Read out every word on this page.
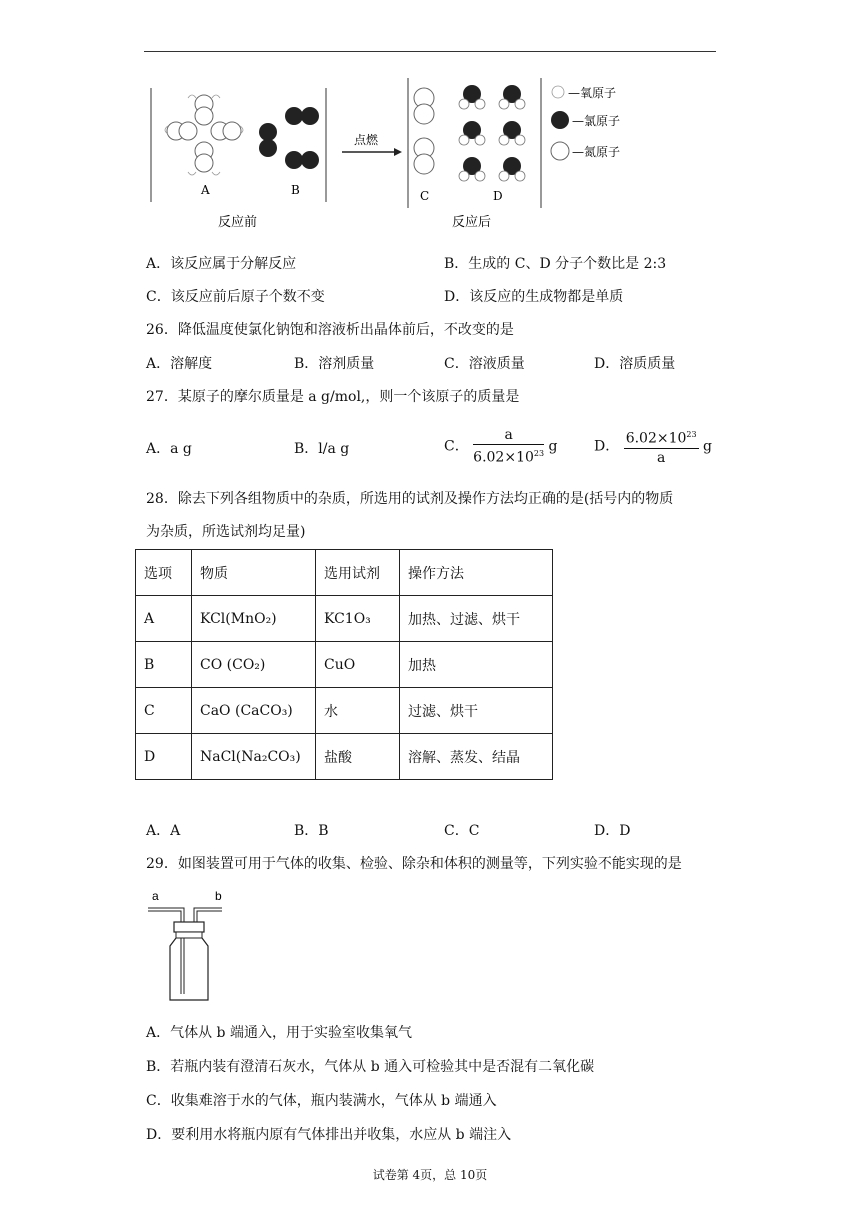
A	B
反应前
点燃
C	D
反应后
—氧原子
—氯原子
—氮原子
A．该反应属于分解反应	B．生成的 C、D 分子个数比是 2:3
C．该反应前后原子个数不变	D．该反应的生成物都是单质
26．降低温度使氯化钠饱和溶液析出晶体前后，不改变的是
A．溶解度	B．溶剂质量	C．溶液质量	D．溶质质量
27．某原子的摩尔质量是 a g/mol,，则一个该原子的质量是
A．a g	B．l/a g	C． $\frac{a}{6.02\times 10^{23}}$ g	D． $\frac{6.02\times 10^{23}}{a}$ g
28．除去下列各组物质中的杂质，所选用的试剂及操作方法均正确的是(括号内的物质
为杂质，所选试剂均足量)
选项	物质	选用试剂	操作方法
A	KCl(MnO₂)	KC1O₃	加热、过滤、烘干
B	CO (CO₂)	CuO	加热
C	CaO (CaCO₃)	水	过滤、烘干
D	NaCl(Na₂CO₃)	盐酸	溶解、蒸发、结晶
A．A	B．B	C．C	D．D
29．如图装置可用于气体的收集、检验、除杂和体积的测量等，下列实验不能实现的是
a	b
A．气体从 b 端通入，用于实验室收集氧气
B．若瓶内装有澄清石灰水，气体从 b 通入可检验其中是否混有二氧化碳
C．收集难溶于水的气体，瓶内装满水，气体从 b 端通入
D．要利用水将瓶内原有气体排出并收集，水应从 b 端注入
试卷第 4页，总 10页
